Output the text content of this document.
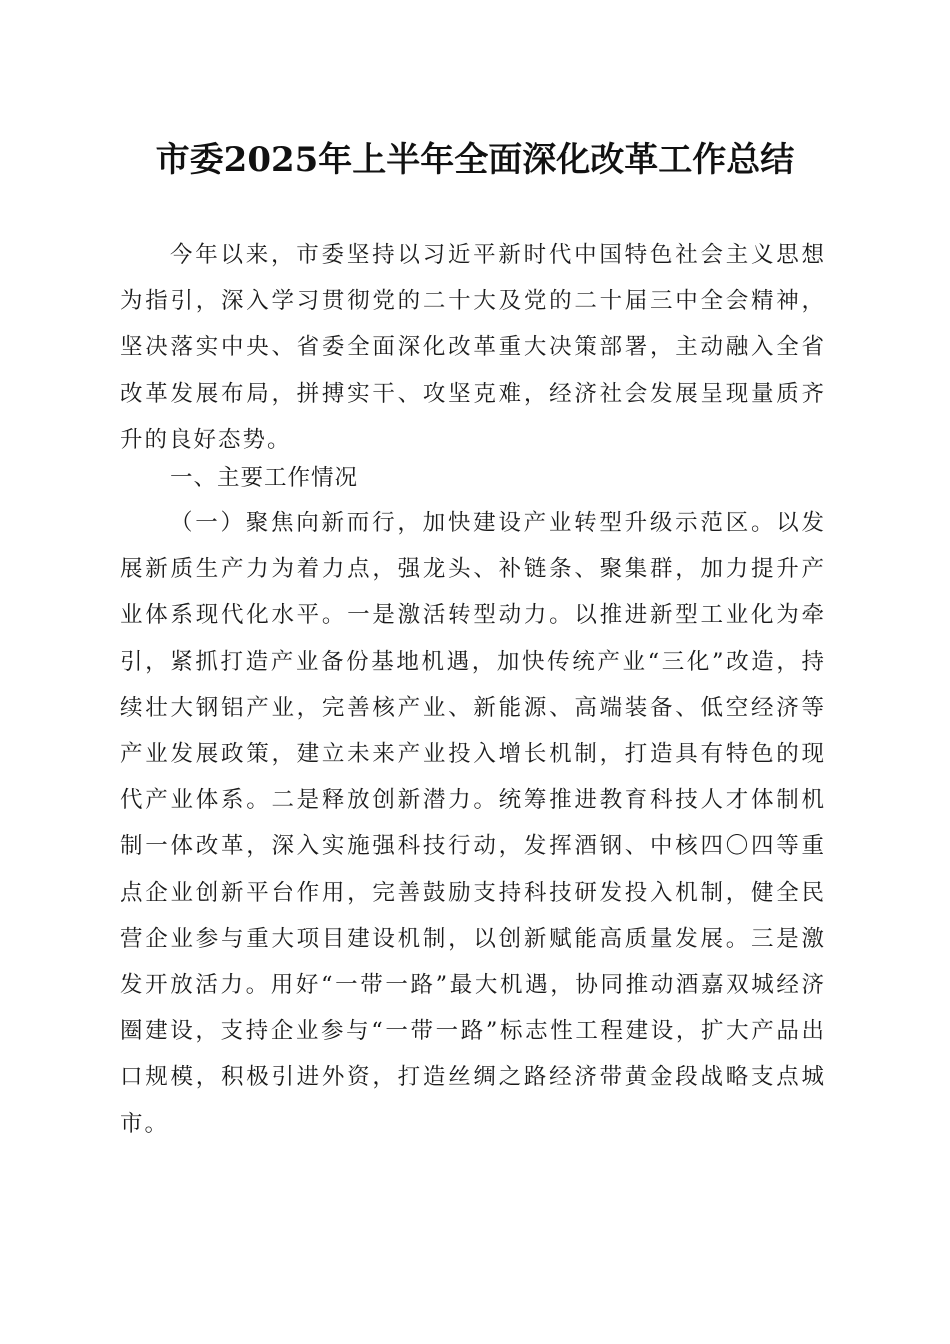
市委2025年上半年全面深化改革工作总结

今年以来，市委坚持以习近平新时代中国特色社会主义思想为指引，深入学习贯彻党的二十大及党的二十届三中全会精神，坚决落实中央、省委全面深化改革重大决策部署，主动融入全省改革发展布局，拼搏实干、攻坚克难，经济社会发展呈现量质齐升的良好态势。

一、主要工作情况

（一）聚焦向新而行，加快建设产业转型升级示范区。以发展新质生产力为着力点，强龙头、补链条、聚集群，加力提升产业体系现代化水平。一是激活转型动力。以推进新型工业化为牵引，紧抓打造产业备份基地机遇，加快传统产业“三化”改造，持续壮大钢铝产业，完善核产业、新能源、高端装备、低空经济等产业发展政策，建立未来产业投入增长机制，打造具有特色的现代产业体系。二是释放创新潜力。统筹推进教育科技人才体制机制一体改革，深入实施强科技行动，发挥酒钢、中核四〇四等重点企业创新平台作用，完善鼓励支持科技研发投入机制，健全民营企业参与重大项目建设机制，以创新赋能高质量发展。三是激发开放活力。用好“一带一路”最大机遇，协同推动酒嘉双城经济圈建设，支持企业参与“一带一路”标志性工程建设，扩大产品出口规模，积极引进外资，打造丝绸之路经济带黄金段战略支点城市。
